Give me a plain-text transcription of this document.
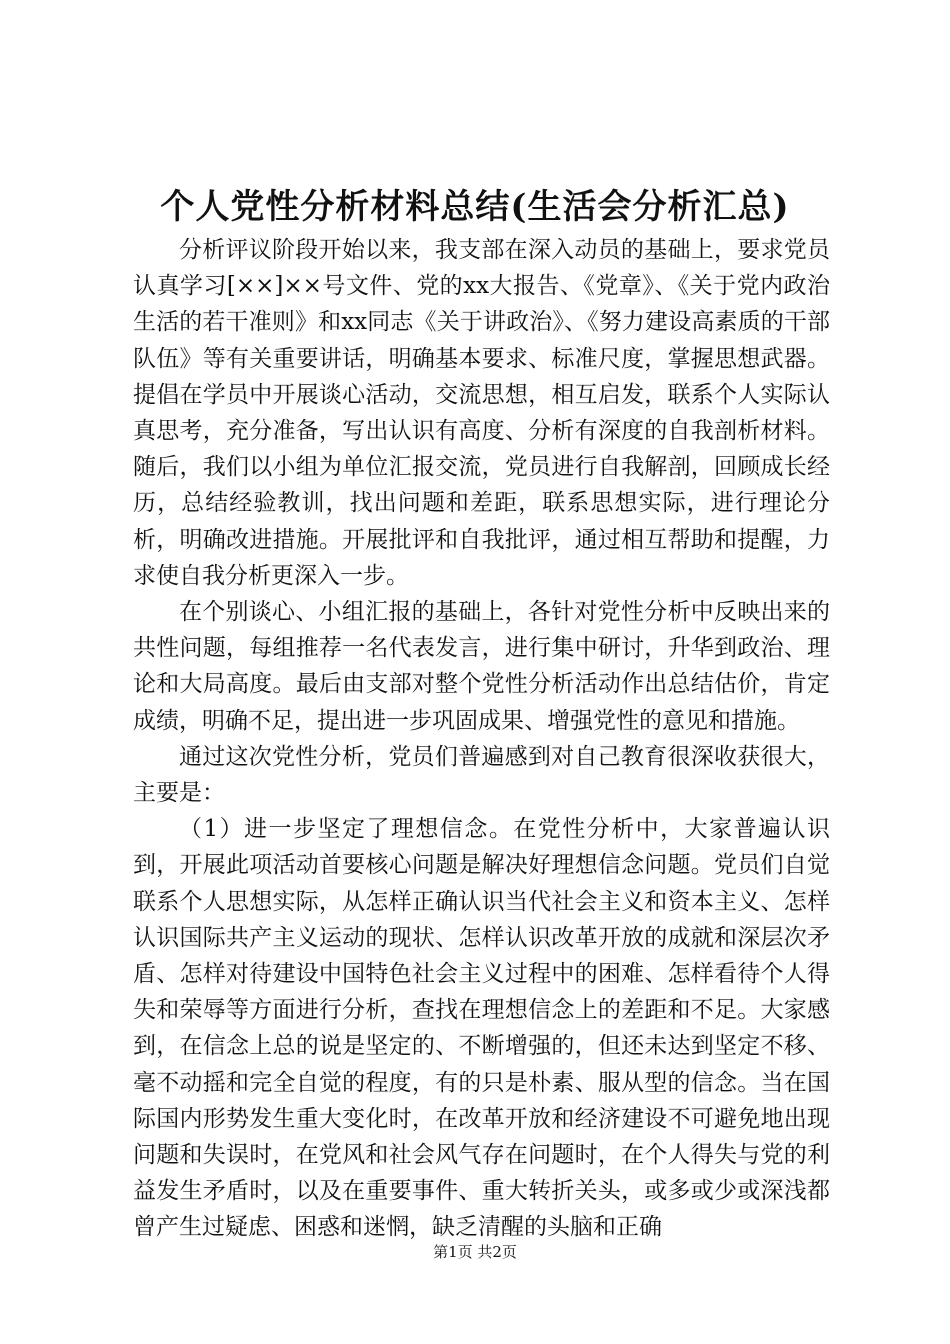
个人党性分析材料总结(生活会分析汇总)

分析评议阶段开始以来，我支部在深入动员的基础上，要求党员认真学习[××]××号文件、党的xx大报告、《党章》、《关于党内政治生活的若干准则》和xx同志《关于讲政治》、《努力建设高素质的干部队伍》等有关重要讲话，明确基本要求、标准尺度，掌握思想武器。提倡在学员中开展谈心活动，交流思想，相互启发，联系个人实际认真思考，充分准备，写出认识有高度、分析有深度的自我剖析材料。随后，我们以小组为单位汇报交流，党员进行自我解剖，回顾成长经历，总结经验教训，找出问题和差距，联系思想实际，进行理论分析，明确改进措施。开展批评和自我批评，通过相互帮助和提醒，力求使自我分析更深入一步。

在个别谈心、小组汇报的基础上，各针对党性分析中反映出来的共性问题，每组推荐一名代表发言，进行集中研讨，升华到政治、理论和大局高度。最后由支部对整个党性分析活动作出总结估价，肯定成绩，明确不足，提出进一步巩固成果、增强党性的意见和措施。

通过这次党性分析，党员们普遍感到对自己教育很深收获很大，主要是：

（1）进一步坚定了理想信念。在党性分析中，大家普遍认识到，开展此项活动首要核心问题是解决好理想信念问题。党员们自觉联系个人思想实际，从怎样正确认识当代社会主义和资本主义、怎样认识国际共产主义运动的现状、怎样认识改革开放的成就和深层次矛盾、怎样对待建设中国特色社会主义过程中的困难、怎样看待个人得失和荣辱等方面进行分析，查找在理想信念上的差距和不足。大家感到，在信念上总的说是坚定的、不断增强的，但还未达到坚定不移、毫不动摇和完全自觉的程度，有的只是朴素、服从型的信念。当在国际国内形势发生重大变化时，在改革开放和经济建设不可避免地出现问题和失误时，在党风和社会风气存在问题时，在个人得失与党的利益发生矛盾时，以及在重要事件、重大转折关头，或多或少或深浅都曾产生过疑虑、困惑和迷惘，缺乏清醒的头脑和正确

第1页 共2页
